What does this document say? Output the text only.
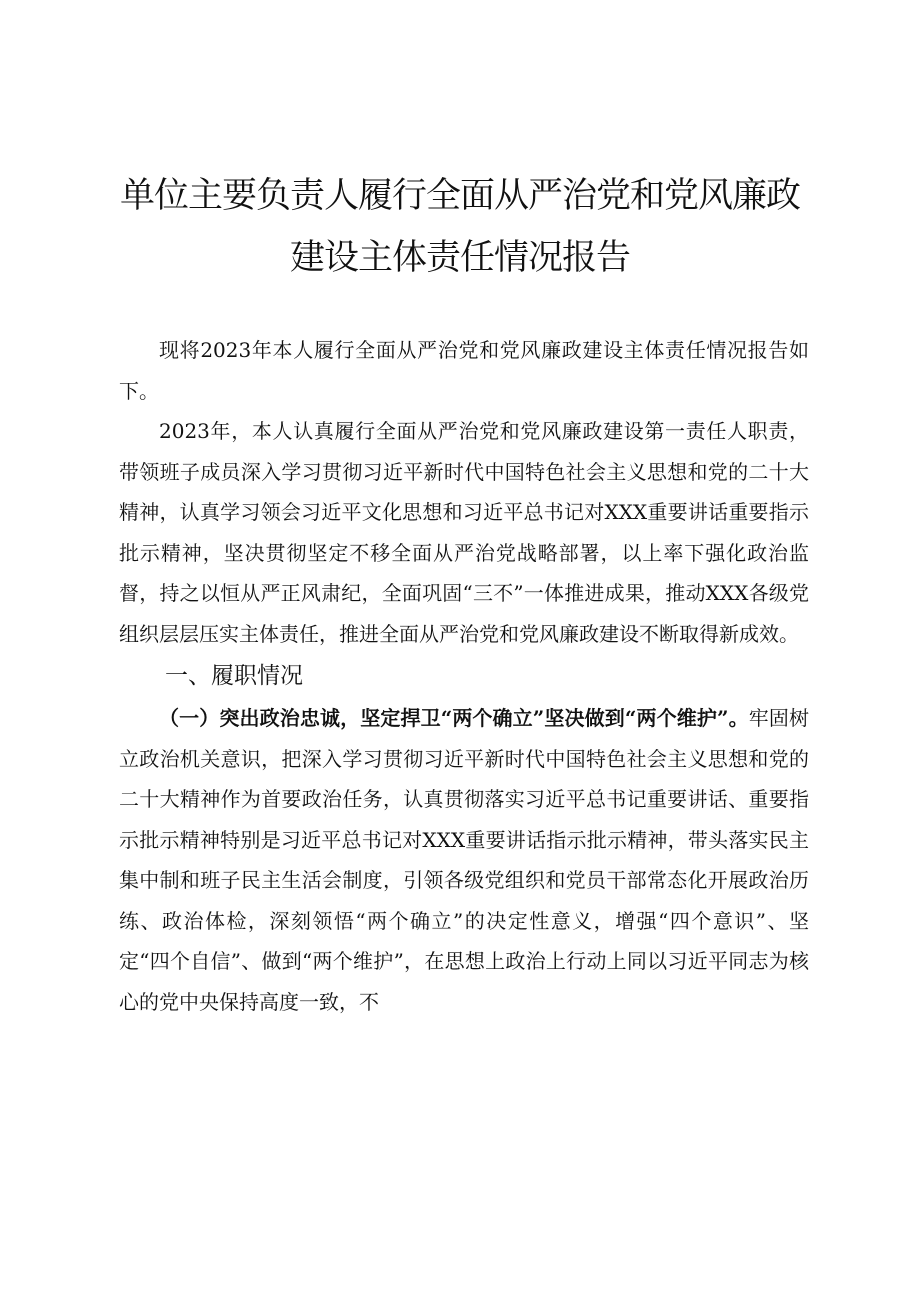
单位主要负责人履行全面从严治党和党风廉政
建设主体责任情况报告

现将2023年本人履行全面从严治党和党风廉政建设主体责任情况报告如下。

2023年，本人认真履行全面从严治党和党风廉政建设第一责任人职责，带领班子成员深入学习贯彻习近平新时代中国特色社会主义思想和党的二十大精神，认真学习领会习近平文化思想和习近平总书记对XXX重要讲话重要指示批示精神，坚决贯彻坚定不移全面从严治党战略部署，以上率下强化政治监督，持之以恒从严正风肃纪，全面巩固“三不”一体推进成果，推动XXX各级党组织层层压实主体责任，推进全面从严治党和党风廉政建设不断取得新成效。

一、履职情况

（一）突出政治忠诚，坚定捍卫“两个确立”坚决做到“两个维护”。牢固树立政治机关意识，把深入学习贯彻习近平新时代中国特色社会主义思想和党的二十大精神作为首要政治任务，认真贯彻落实习近平总书记重要讲话、重要指示批示精神特别是习近平总书记对XXX重要讲话指示批示精神，带头落实民主集中制和班子民主生活会制度，引领各级党组织和党员干部常态化开展政治历练、政治体检，深刻领悟“两个确立”的决定性意义，增强“四个意识”、坚定“四个自信”、做到“两个维护”，在思想上政治上行动上同以习近平同志为核心的党中央保持高度一致，不
